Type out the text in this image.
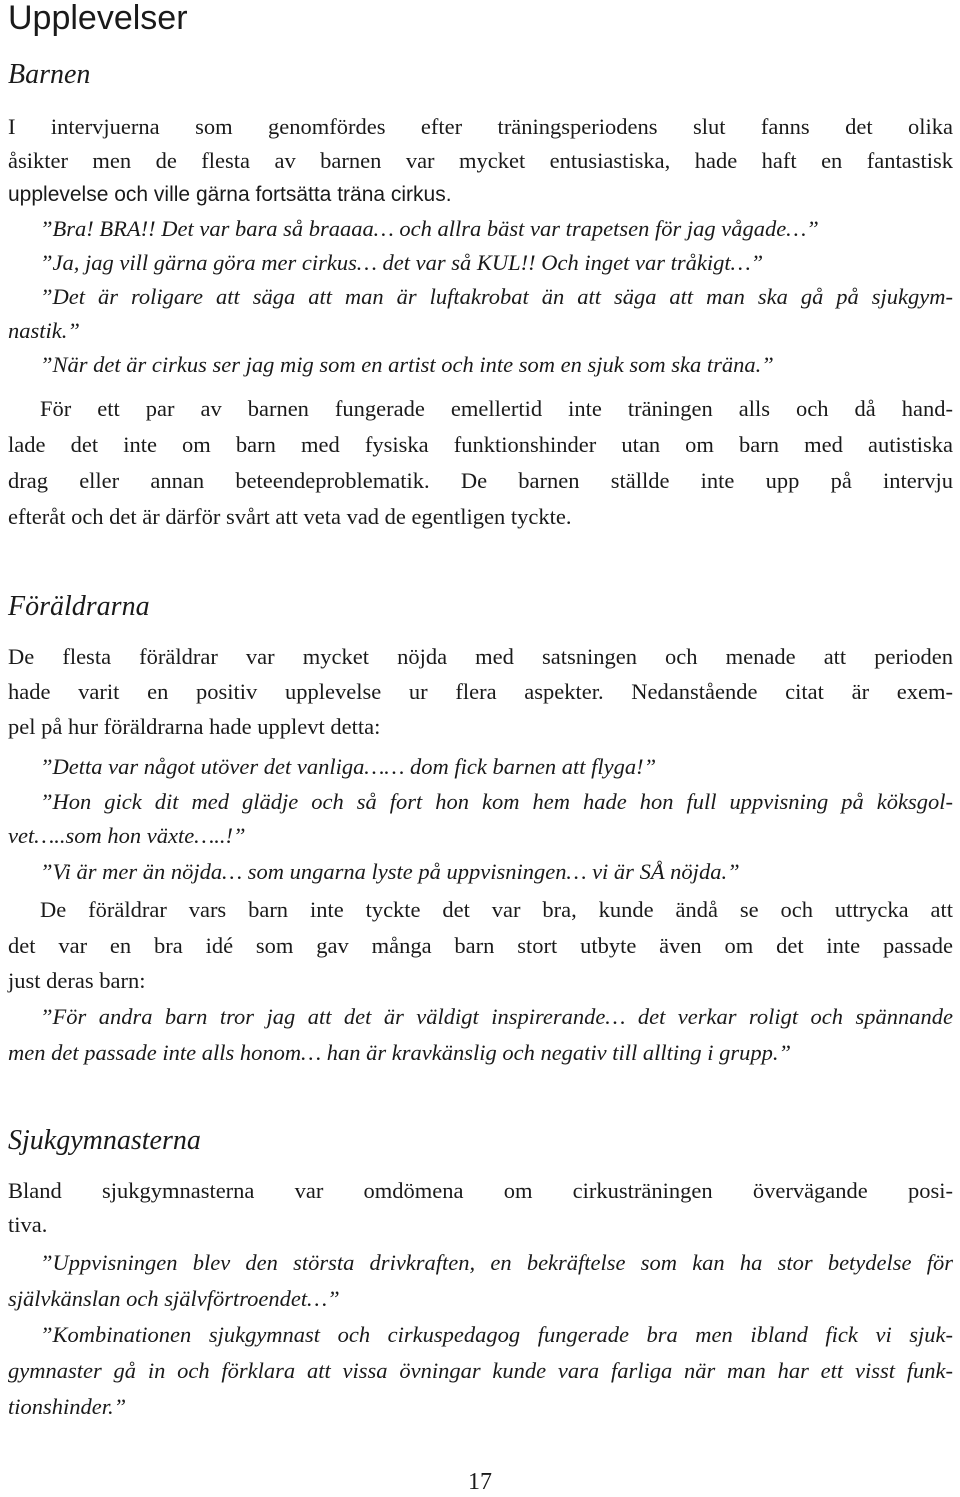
Upplevelser
Barnen
I intervjuerna som genomfördes efter träningsperiodens slut fanns det olika
åsikter men de flesta av barnen var mycket entusiastiska, hade haft en fantastisk
upplevelse och ville gärna fortsätta träna cirkus.
”Bra! BRA!! Det var bara så braaaa… och allra bäst var trapetsen för jag vågade…”
”Ja, jag vill gärna göra mer cirkus… det var så KUL!! Och inget var tråkigt…”
”Det är roligare att säga att man är luftakrobat än att säga att man ska gå på sjukgym-
nastik.”
”När det är cirkus ser jag mig som en artist och inte som en sjuk som ska träna.”
För ett par av barnen fungerade emellertid inte träningen alls och då hand-
lade det inte om barn med fysiska funktionshinder utan om barn med autistiska
drag eller annan beteendeproblematik. De barnen ställde inte upp på intervju
efteråt och det är därför svårt att veta vad de egentligen tyckte.
Föräldrarna
De flesta föräldrar var mycket nöjda med satsningen och menade att perioden
hade varit en positiv upplevelse ur flera aspekter. Nedanstående citat är exem-
pel på hur föräldrarna hade upplevt detta:
”Detta var något utöver det vanliga…… dom fick barnen att flyga!”
”Hon gick dit med glädje och så fort hon kom hem hade hon full uppvisning på köksgol-
vet…..som hon växte…..!”
”Vi är mer än nöjda… som ungarna lyste på uppvisningen… vi är SÅ nöjda.”
De föräldrar vars barn inte tyckte det var bra, kunde ändå se och uttrycka att
det var en bra idé som gav många barn stort utbyte även om det inte passade
just deras barn:
”För andra barn tror jag att det är väldigt inspirerande… det verkar roligt och spännande
men det passade inte alls honom… han är kravkänslig och negativ till allting i grupp.”
Sjukgymnasterna
Bland sjukgymnasterna var omdömena om cirkusträningen övervägande posi-
tiva.
”Uppvisningen blev den största drivkraften, en bekräftelse som kan ha stor betydelse för
självkänslan och självförtroendet…”
”Kombinationen sjukgymnast och cirkuspedagog fungerade bra men ibland fick vi sjuk-
gymnaster gå in och förklara att vissa övningar kunde vara farliga när man har ett visst funk-
tionshinder.”
17
